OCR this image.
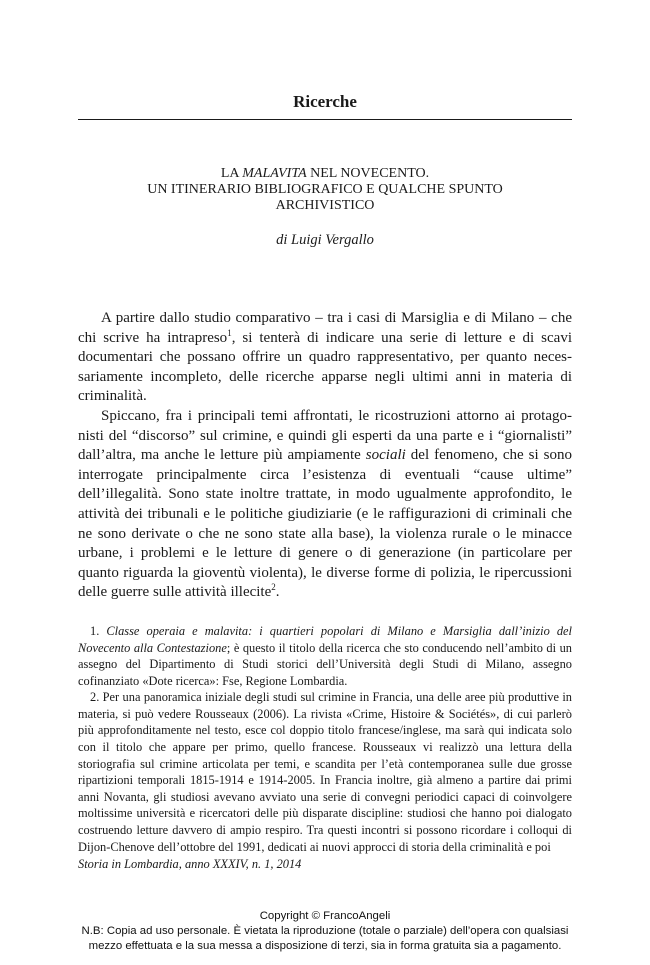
Ricerche
LA MALAVITA NEL NOVECENTO.
UN ITINERARIO BIBLIOGRAFICO E QUALCHE SPUNTO
ARCHIVISTICO
di Luigi Vergallo

A partire dallo studio comparativo – tra i casi di Marsiglia e di Milano – che chi scrive ha intrapreso$^1$, si tenterà di indicare una serie di letture e di scavi documentari che possano offrire un quadro rappresentativo, per quanto necessariamente incompleto, delle ricerche apparse negli ultimi anni in materia di criminalità.

Spiccano, fra i principali temi affrontati, le ricostruzioni attorno ai protagonisti del “discorso” sul crimine, e quindi gli esperti da una parte e i “giornalisti” dall’altra, ma anche le letture più ampiamente sociali del fenomeno, che si sono interrogate principalmente circa l’esistenza di eventuali “cause ultime” dell’illegalità. Sono state inoltre trattate, in modo ugualmente approfondito, le attività dei tribunali e le politiche giudiziarie (e le raffigurazioni di criminali che ne sono derivate o che ne sono state alla base), la violenza rurale o le minacce urbane, i problemi e le letture di genere o di generazione (in particolare per quanto riguarda la gioventù violenta), le diverse forme di polizia, le ripercussioni delle guerre sulle attività illecite$^2$.

1. Classe operaia e malavita: i quartieri popolari di Milano e Marsiglia dall’inizio del Novecento alla Contestazione; è questo il titolo della ricerca che sto conducendo nell’ambito di un assegno del Dipartimento di Studi storici dell’Università degli Studi di Milano, assegno cofinanziato «Dote ricerca»: Fse, Regione Lombardia.

2. Per una panoramica iniziale degli studi sul crimine in Francia, una delle aree più produttive in materia, si può vedere Rousseaux (2006). La rivista «Crime, Histoire & Sociétés», di cui parlerò più approfonditamente nel testo, esce col doppio titolo francese/inglese, ma sarà qui indicata solo con il titolo che appare per primo, quello francese. Rousseaux vi realizzò una lettura della storiografia sul crimine articolata per temi, e scandita per l’età contemporanea sulle due grosse ripartizioni temporali 1815-1914 e 1914-2005. In Francia inoltre, già almeno a partire dai primi anni Novanta, gli studiosi avevano avviato una serie di convegni periodici capaci di coinvolgere moltissime università e ricercatori delle più disparate discipline: studiosi che hanno poi dialogato costruendo letture davvero di ampio respiro. Tra questi incontri si possono ricordare i colloqui di Dijon-Chenove dell’ottobre del 1991, dedicati ai nuovi approcci di storia della criminalità e poi

Storia in Lombardia, anno XXXIV, n. 1, 2014
Copyright © FrancoAngeli
N.B: Copia ad uso personale. È vietata la riproduzione (totale o parziale) dell’opera con qualsiasi
mezzo effettuata e la sua messa a disposizione di terzi, sia in forma gratuita sia a pagamento.
